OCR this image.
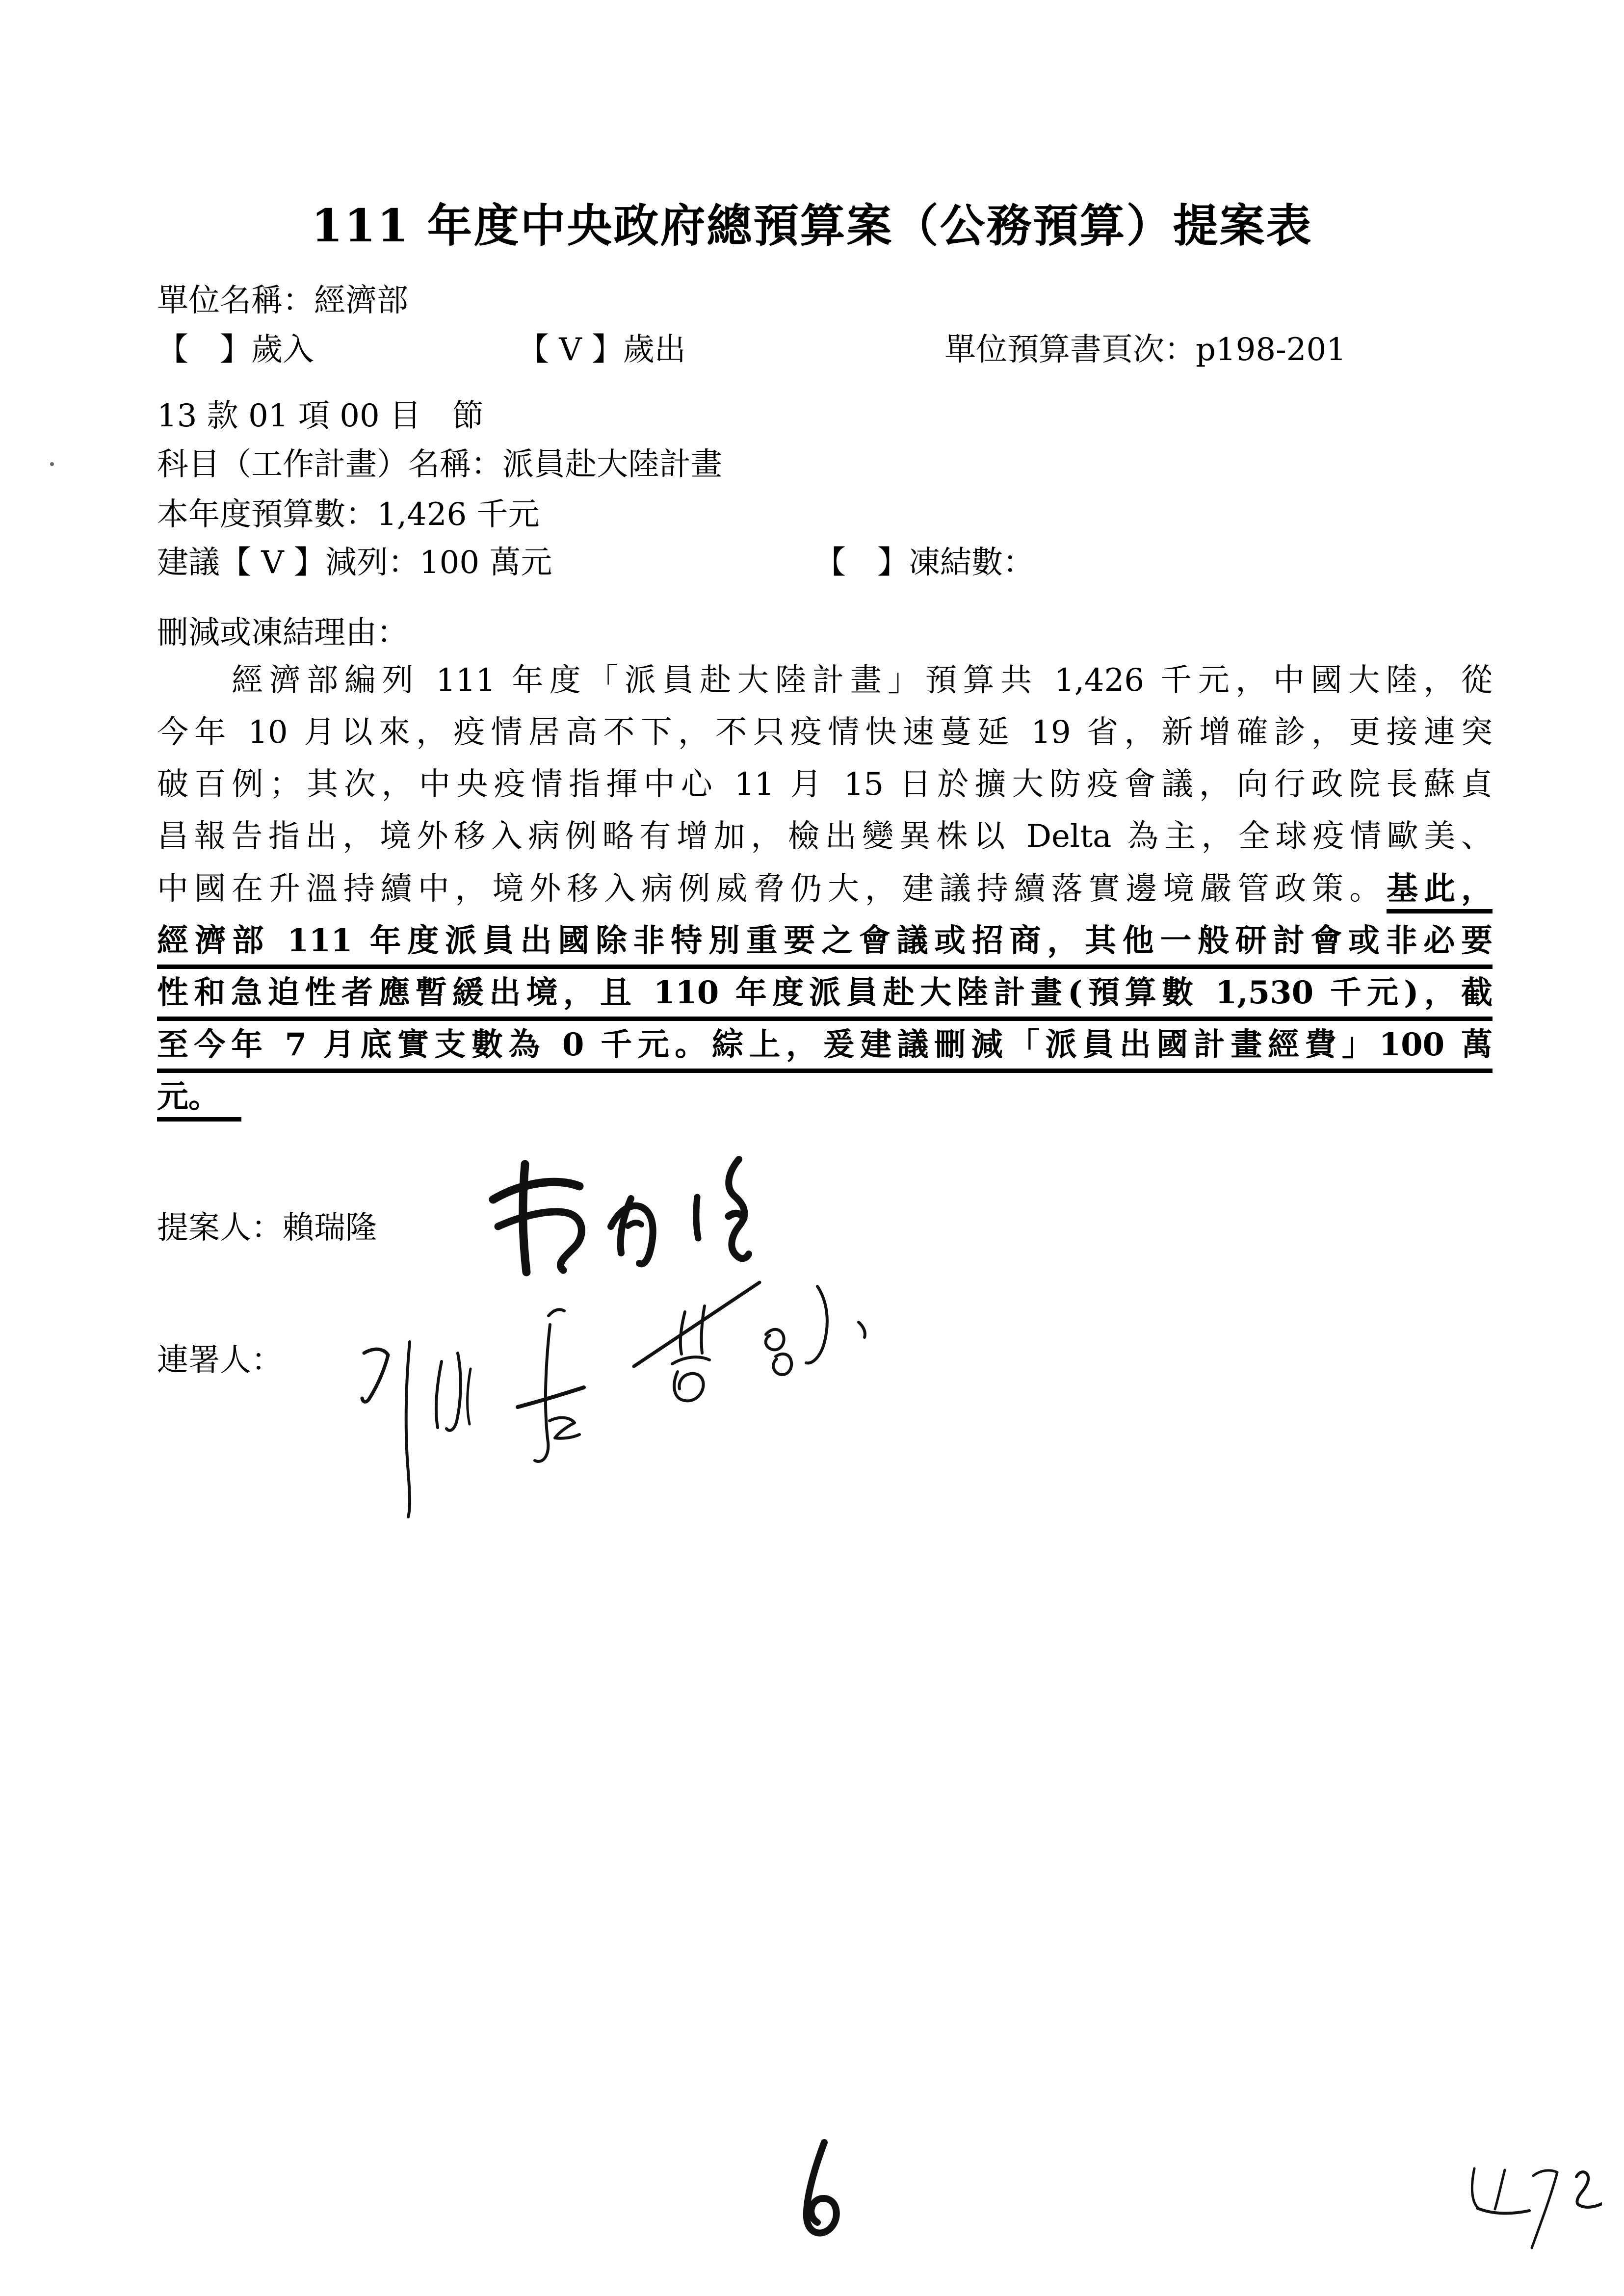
111 年度中央政府總預算案（公務預算）提案表
單位名稱：經濟部
【　】歲入	【 V 】歲出	單位預算書頁次：p198-201
13 款 01 項 00 目　節
科目（工作計畫）名稱：派員赴大陸計畫
本年度預算數：1,426 千元
建議【 V 】減列：100 萬元	【　】凍結數：
刪減或凍結理由：
經濟部編列 111 年度「派員赴大陸計畫」預算共 1,426 千元，中國大陸，從
今年 10 月以來，疫情居高不下，不只疫情快速蔓延 19 省，新增確診，更接連突
破百例；其次，中央疫情指揮中心 11 月 15 日於擴大防疫會議，向行政院長蘇貞
昌報告指出，境外移入病例略有增加，檢出變異株以 Delta 為主，全球疫情歐美、
中國在升溫持續中，境外移入病例威脅仍大，建議持續落實邊境嚴管政策。基此，
經濟部 111 年度派員出國除非特別重要之會議或招商，其他一般研討會或非必要
性和急迫性者應暫緩出境，且 110 年度派員赴大陸計畫(預算數 1,530 千元)，截
至今年 7 月底實支數為 0 千元。綜上，爰建議刪減「派員出國計畫經費」100 萬
元。
提案人：賴瑞隆
連署人：
